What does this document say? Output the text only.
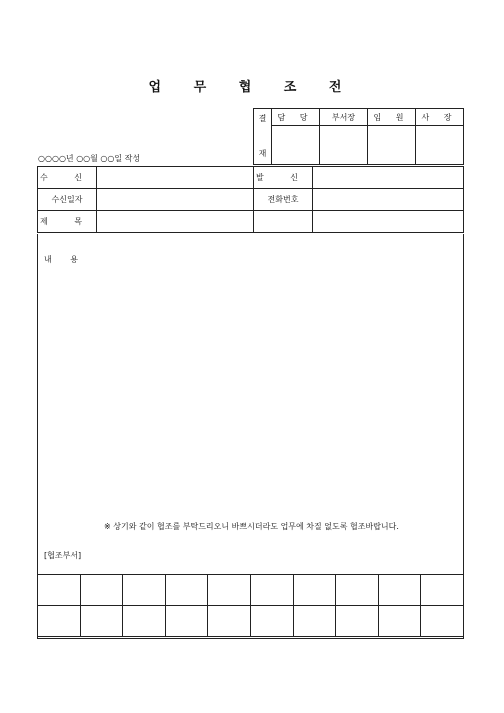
업 무 협 조 전
○○○○년 ○○월 ○○일 작성
결

재	담 당	부서장	임 원	사 장

수 신		발 신	
수신일자		전화번호	
제 목			
내 용
※ 상기와 같이 협조를 부탁드리오니 바쁘시더라도 업무에 차질 없도록 협조바랍니다.
[협조부서]
